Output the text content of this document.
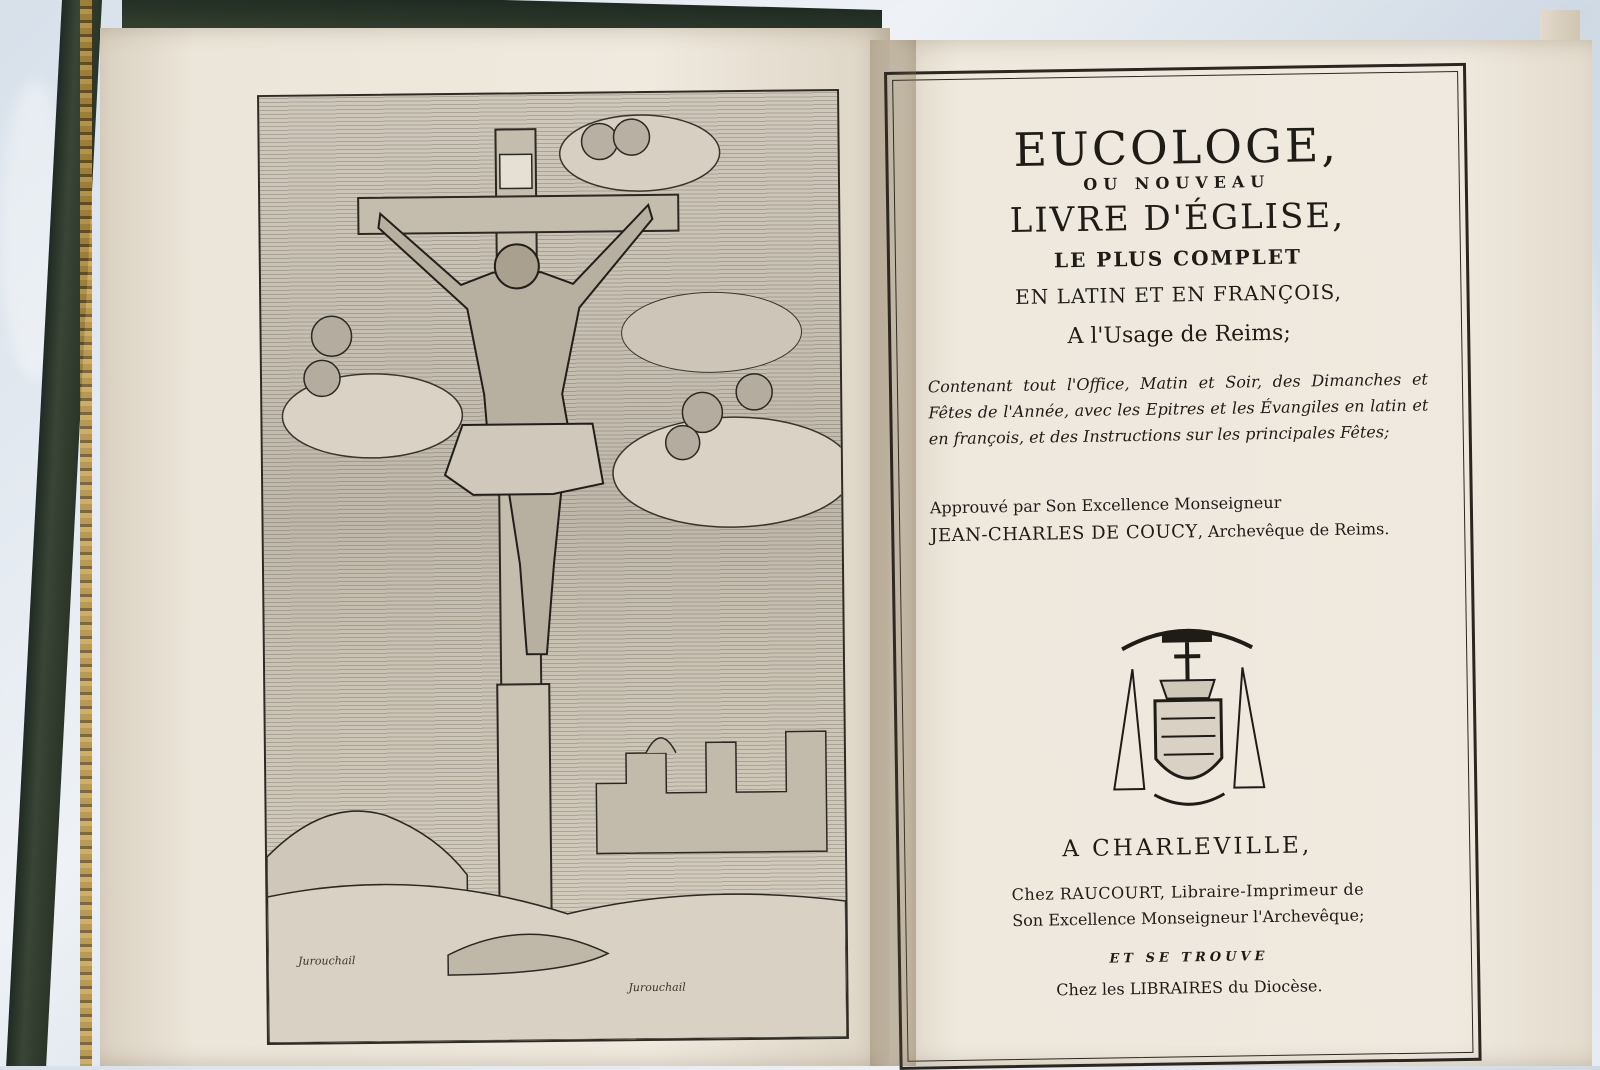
Jurouchail
Jurouchail
EUCOLOGE,
OU NOUVEAU
LIVRE D'ÉGLISE,
LE PLUS COMPLET
EN LATIN ET EN FRANÇOIS,
A l'Usage de Reims;
Contenant tout l'Office, Matin et Soir, des Dimanches et Fêtes de l'Année, avec les Epitres et les Évangiles en latin et en françois, et des Instructions sur les principales Fêtes;
Approuvé par Son Excellence Monseigneur
JEAN-CHARLES DE COUCY, Archevêque de Reims.
A CHARLEVILLE,
Chez RAUCOURT, Libraire-Imprimeur de
Son Excellence Monseigneur l'Archevêque;
ET SE TROUVE
Chez les LIBRAIRES du Diocèse.
